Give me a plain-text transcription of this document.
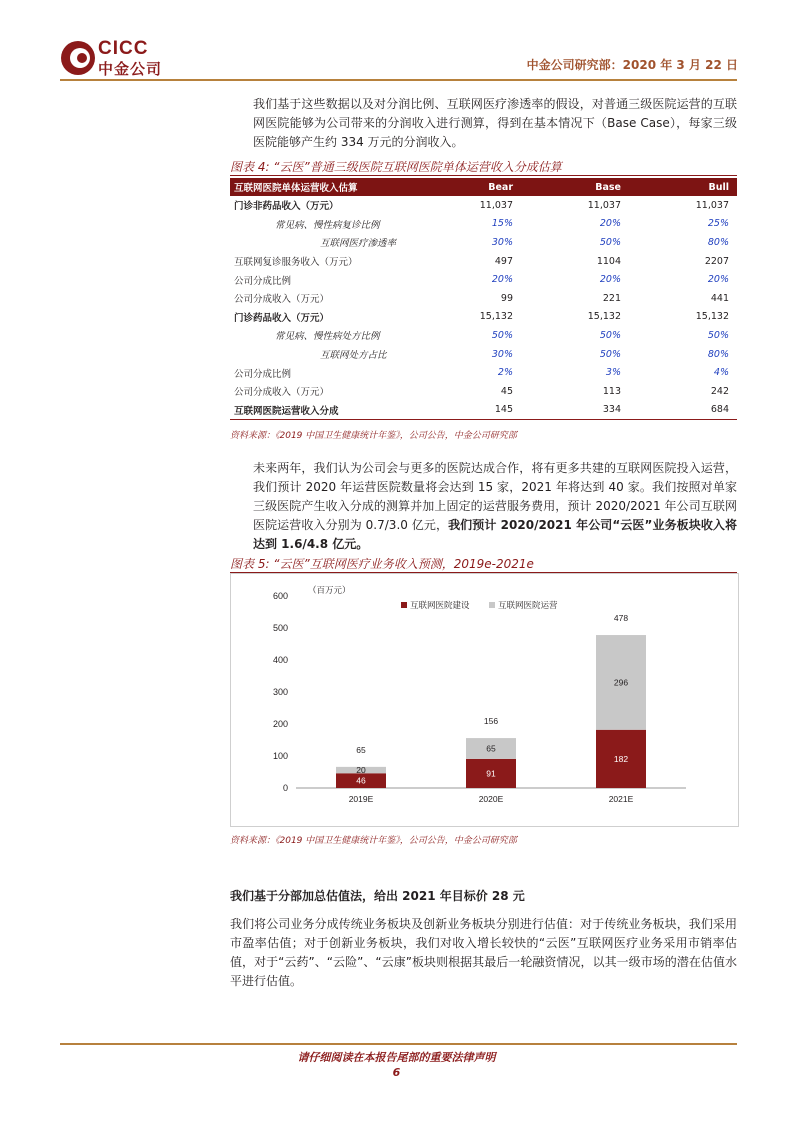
CICC
中金公司	中金公司研究部：2020 年 3 月 22 日
我们基于这些数据以及对分润比例、互联网医疗渗透率的假设，对普通三级医院运营的互联网医院能够为公司带来的分润收入进行测算，得到在基本情况下（Base Case），每家三级医院能够产生约 334 万元的分润收入。
图表 4: “云医”普通三级医院互联网医院单体运营收入分成估算
互联网医院单体运营收入估算	Bear	Base	Bull
门诊非药品收入（万元）	11,037	11,037	11,037
常见病、慢性病复诊比例	15%	20%	25%
互联网医疗渗透率	30%	50%	80%
互联网复诊服务收入（万元）	497	1104	2207
公司分成比例	20%	20%	20%
公司分成收入（万元）	99	221	441
门诊药品收入（万元）	15,132	15,132	15,132
常见病、慢性病处方比例	50%	50%	50%
互联网处方占比	30%	50%	80%
公司分成比例	2%	3%	4%
公司分成收入（万元）	45	113	242
互联网医院运营收入分成	145	334	684
资料来源：《2019 中国卫生健康统计年鉴》，公司公告，中金公司研究部
未来两年，我们认为公司会与更多的医院达成合作，将有更多共建的互联网医院投入运营，我们预计 2020 年运营医院数量将会达到 15 家，2021 年将达到 40 家。我们按照对单家三级医院产生收入分成的测算并加上固定的运营服务费用，预计 2020/2021 年公司互联网医院运营收入分别为 0.7/3.0 亿元，我们预计 2020/2021 年公司“云医”业务板块收入将达到 1.6/4.8 亿元。
图表 5: “云医”互联网医疗业务收入预测，2019e-2021e
0
100
200
300
400
500
600
（百万元）
互联网医院建设	互联网医院运营
46
20
65
2019E
91
65
156
2020E
182
296
478
2021E
资料来源：《2019 中国卫生健康统计年鉴》，公司公告，中金公司研究部
我们基于分部加总估值法，给出 2021 年目标价 28 元
我们将公司业务分成传统业务板块及创新业务板块分别进行估值：对于传统业务板块，我们采用市盈率估值；对于创新业务板块，我们对收入增长较快的“云医”互联网医疗业务采用市销率估值，对于“云药”、“云险”、“云康”板块则根据其最后一轮融资情况，以其一级市场的潜在估值水平进行估值。
请仔细阅读在本报告尾部的重要法律声明
6
